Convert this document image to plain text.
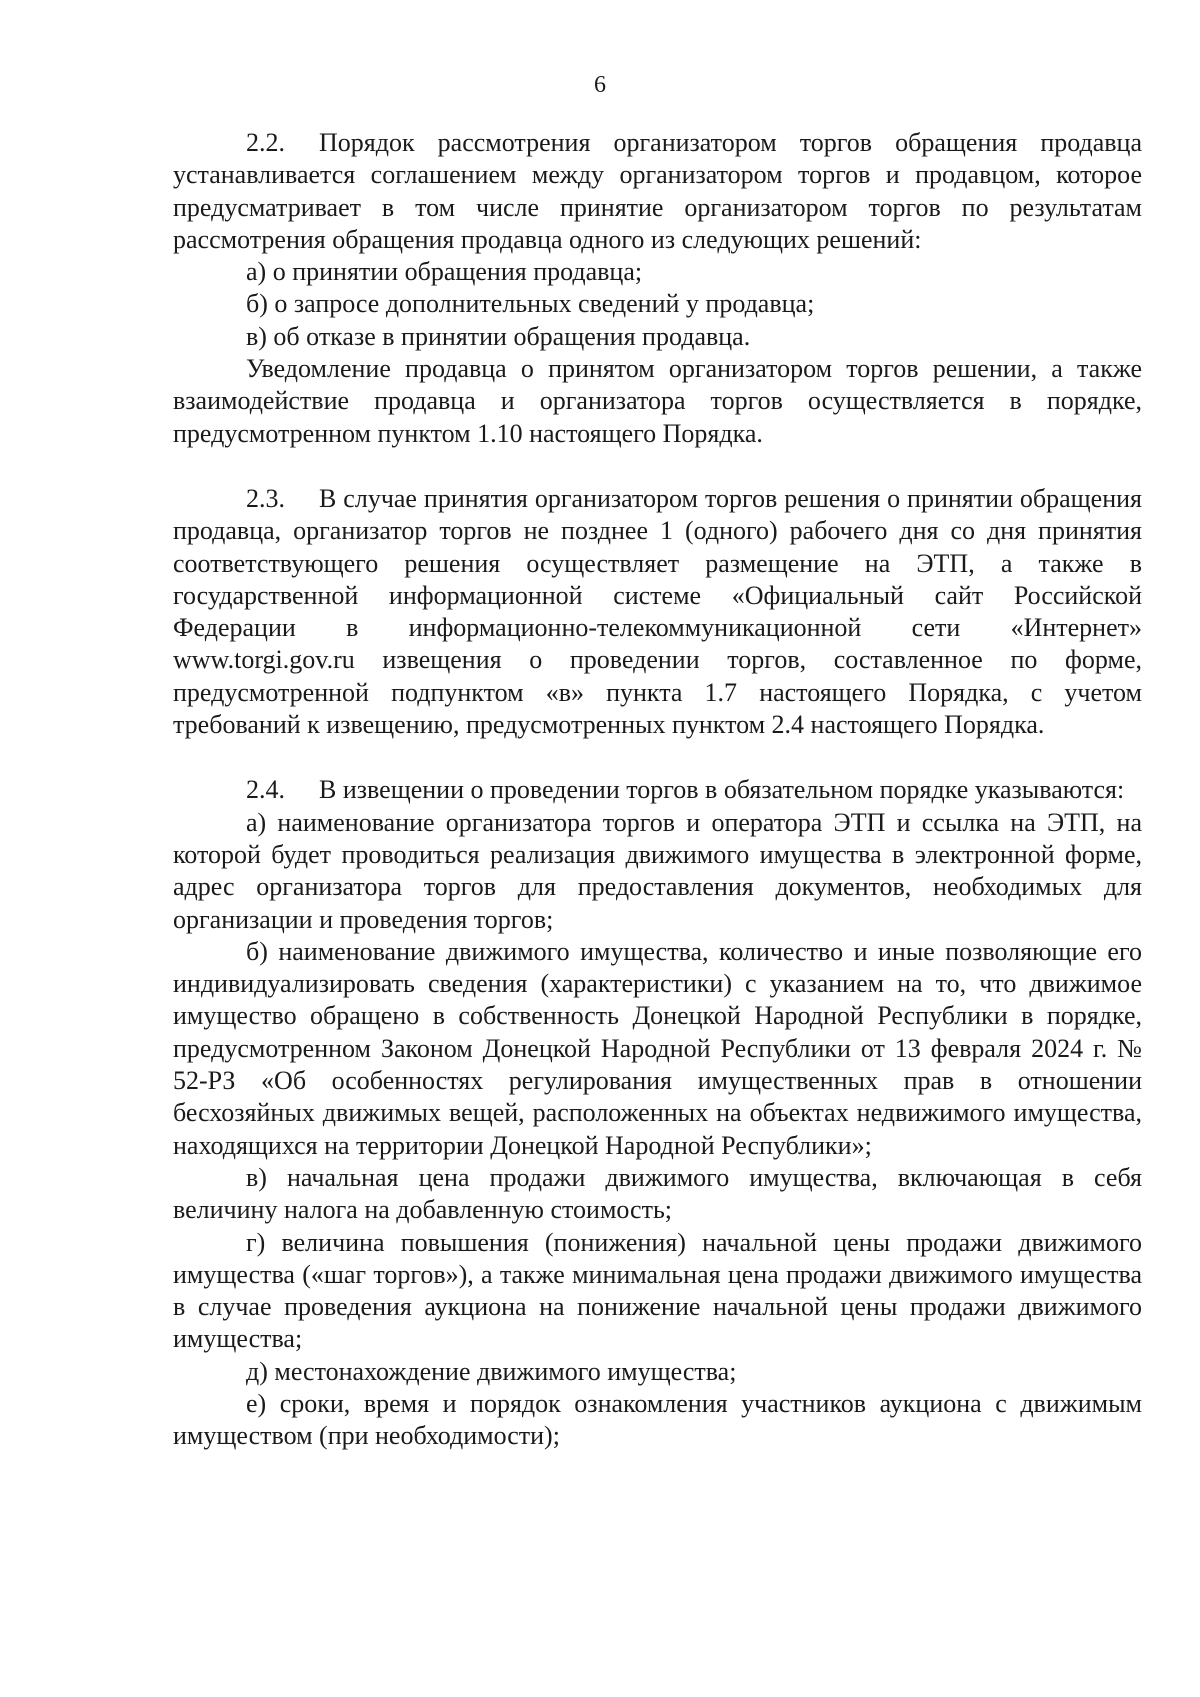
6

2.2. Порядок рассмотрения организатором торгов обращения продавца устанавливается соглашением между организатором торгов и продавцом, которое предусматривает в том числе принятие организатором торгов по результатам рассмотрения обращения продавца одного из следующих решений:

а) о принятии обращения продавца;

б) о запросе дополнительных сведений у продавца;

в) об отказе в принятии обращения продавца.

Уведомление продавца о принятом организатором торгов решении, а также взаимодействие продавца и организатора торгов осуществляется в порядке, предусмотренном пунктом 1.10 настоящего Порядка.

2.3. В случае принятия организатором торгов решения о принятии обращения продавца, организатор торгов не позднее 1 (одного) рабочего дня со дня принятия соответствующего решения осуществляет размещение на ЭТП, а также в государственной информационной системе «Официальный сайт Российской Федерации в информационно-телекоммуникационной сети «Интернет» www.torgi.gov.ru извещения о проведении торгов, составленное по форме, предусмотренной подпунктом «в» пункта 1.7 настоящего Порядка, с учетом требований к извещению, предусмотренных пунктом 2.4 настоящего Порядка.

2.4. В извещении о проведении торгов в обязательном порядке указываются:

а) наименование организатора торгов и оператора ЭТП и ссылка на ЭТП, на которой будет проводиться реализация движимого имущества в электронной форме, адрес организатора торгов для предоставления документов, необходимых для организации и проведения торгов;

б) наименование движимого имущества, количество и иные позволяющие его индивидуализировать сведения (характеристики) с указанием на то, что движимое имущество обращено в собственность Донецкой Народной Республики в порядке, предусмотренном Законом Донецкой Народной Республики от 13 февраля 2024 г. № 52-РЗ «Об особенностях регулирования имущественных прав в отношении бесхозяйных движимых вещей, расположенных на объектах недвижимого имущества, находящихся на территории Донецкой Народной Республики»;

в) начальная цена продажи движимого имущества, включающая в себя величину налога на добавленную стоимость;

г) величина повышения (понижения) начальной цены продажи движимого имущества («шаг торгов»), а также минимальная цена продажи движимого имущества в случае проведения аукциона на понижение начальной цены продажи движимого имущества;

д) местонахождение движимого имущества;

е) сроки, время и порядок ознакомления участников аукциона с движимым имуществом (при необходимости);
